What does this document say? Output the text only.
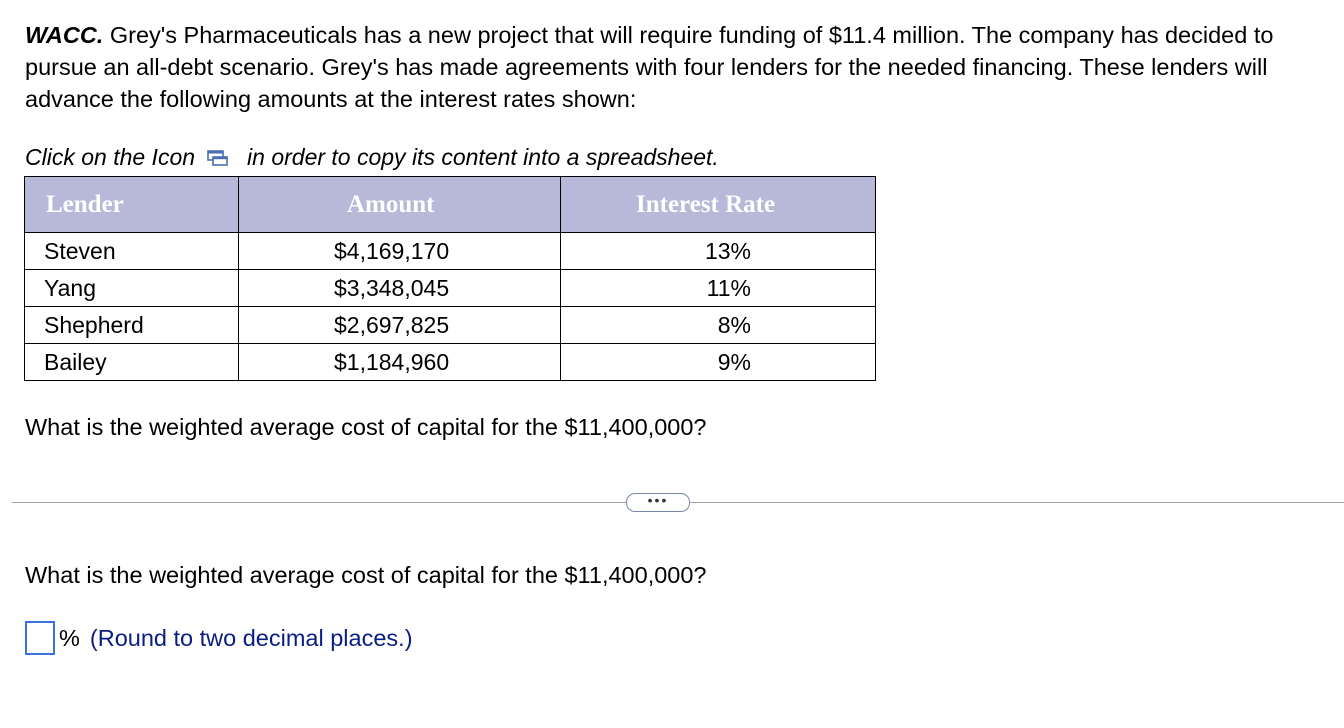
WACC. Grey's Pharmaceuticals has a new project that will require funding of $11.4 million. The company has decided to pursue an all-debt scenario. Grey's has made agreements with four lenders for the needed financing. These lenders will advance the following amounts at the interest rates shown:
Click on the Icon in order to copy its content into a spreadsheet.
Lender	Amount	Interest Rate
Steven	$4,169,170	13%
Yang	$3,348,045	11%
Shepherd	$2,697,825	8%
Bailey	$1,184,960	9%
What is the weighted average cost of capital for the $11,400,000?
•••
What is the weighted average cost of capital for the $11,400,000?
% (Round to two decimal places.)
